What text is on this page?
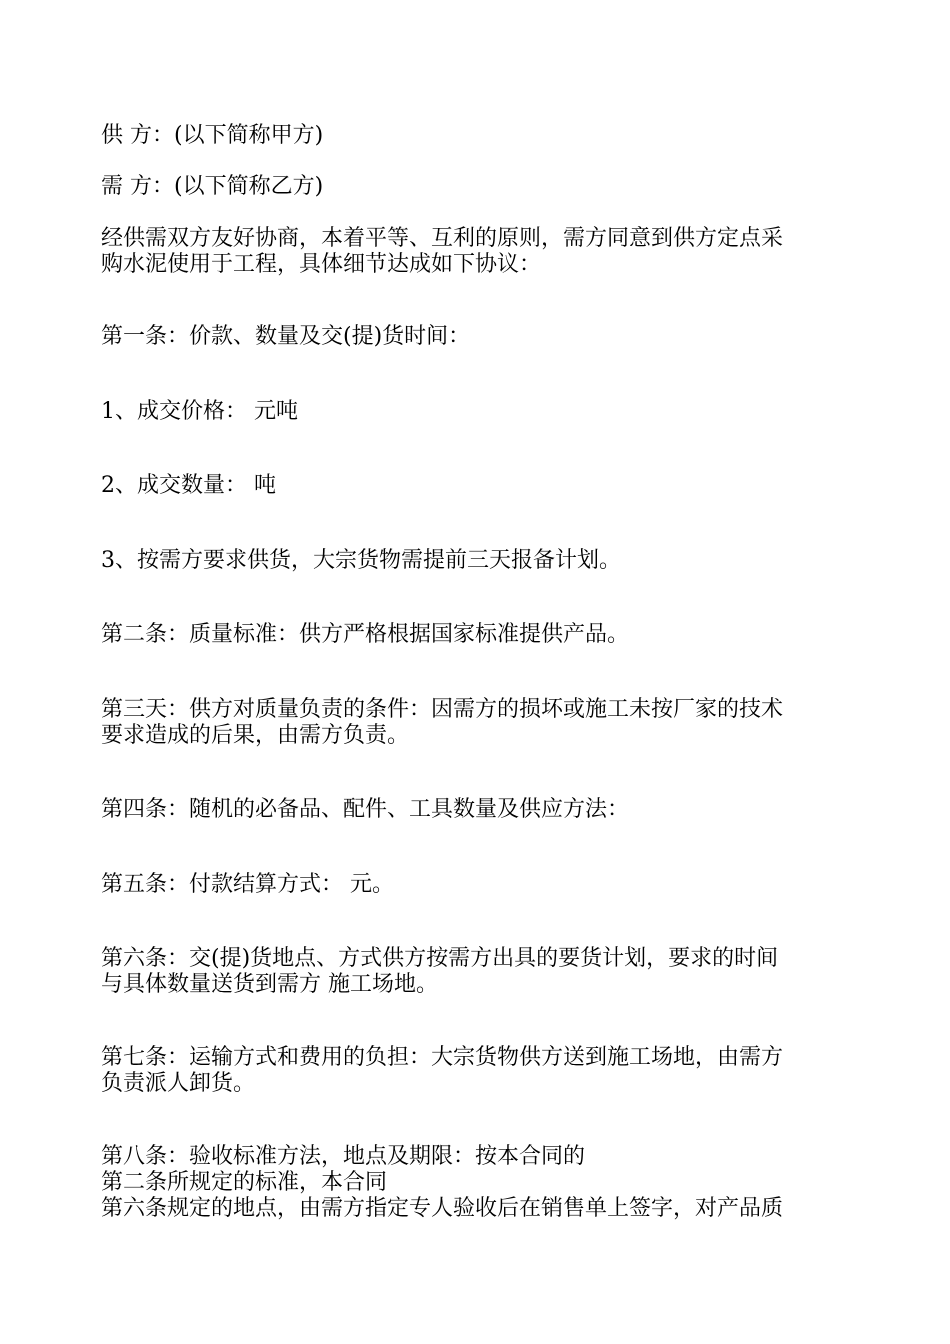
供 方：(以下简称甲方)
需 方：(以下简称乙方)
经供需双方友好协商，本着平等、互利的原则，需方同意到供方定点采
购水泥使用于工程，具体细节达成如下协议：
第一条：价款、数量及交(提)货时间：
1、成交价格： 元吨
2、成交数量： 吨
3、按需方要求供货，大宗货物需提前三天报备计划。
第二条：质量标准：供方严格根据国家标准提供产品。
第三天：供方对质量负责的条件：因需方的损坏或施工未按厂家的技术
要求造成的后果，由需方负责。
第四条：随机的必备品、配件、工具数量及供应方法：
第五条：付款结算方式： 元。
第六条：交(提)货地点、方式供方按需方出具的要货计划，要求的时间
与具体数量送货到需方 施工场地。
第七条：运输方式和费用的负担：大宗货物供方送到施工场地，由需方
负责派人卸货。
第八条：验收标准方法，地点及期限：按本合同的
第二条所规定的标准，本合同
第六条规定的地点，由需方指定专人验收后在销售单上签字，对产品质
